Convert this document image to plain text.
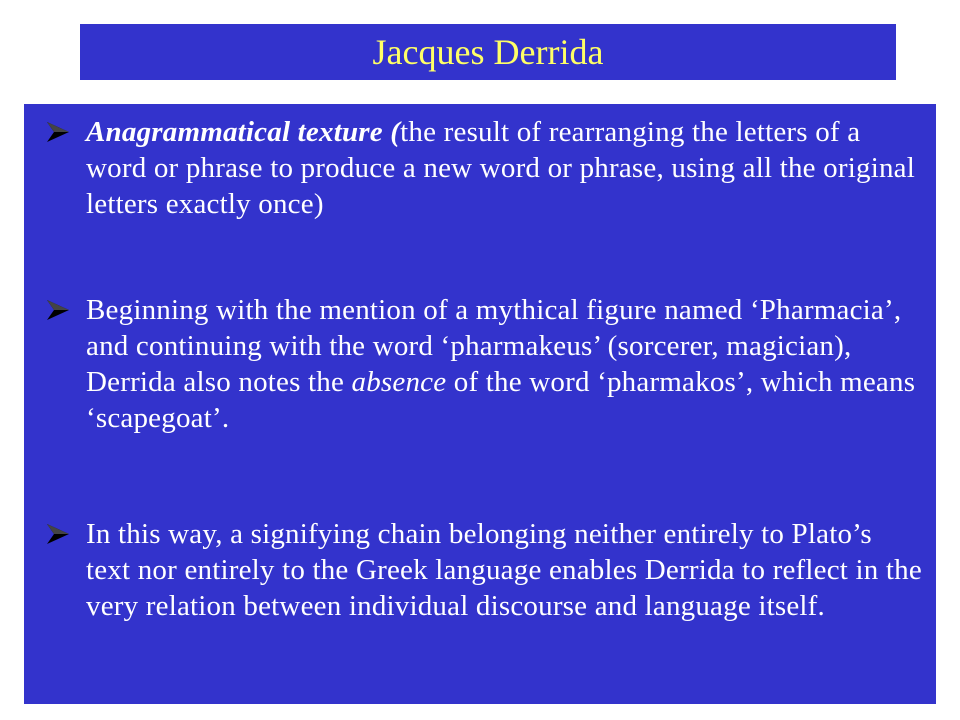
Jacques Derrida
Anagrammatical texture (the result of rearranging the letters of a word or phrase to produce a new word or phrase, using all the original letters exactly once)
Beginning with the mention of a mythical figure named ‘Pharmacia’, and continuing with the word ‘pharmakeus’ (sorcerer, magician), Derrida also notes the absence of the word ‘pharmakos’, which means ‘scapegoat’.
In this way, a signifying chain belonging neither entirely to Plato’s text nor entirely to the Greek language enables Derrida to reflect in the very relation between individual discourse and language itself.
